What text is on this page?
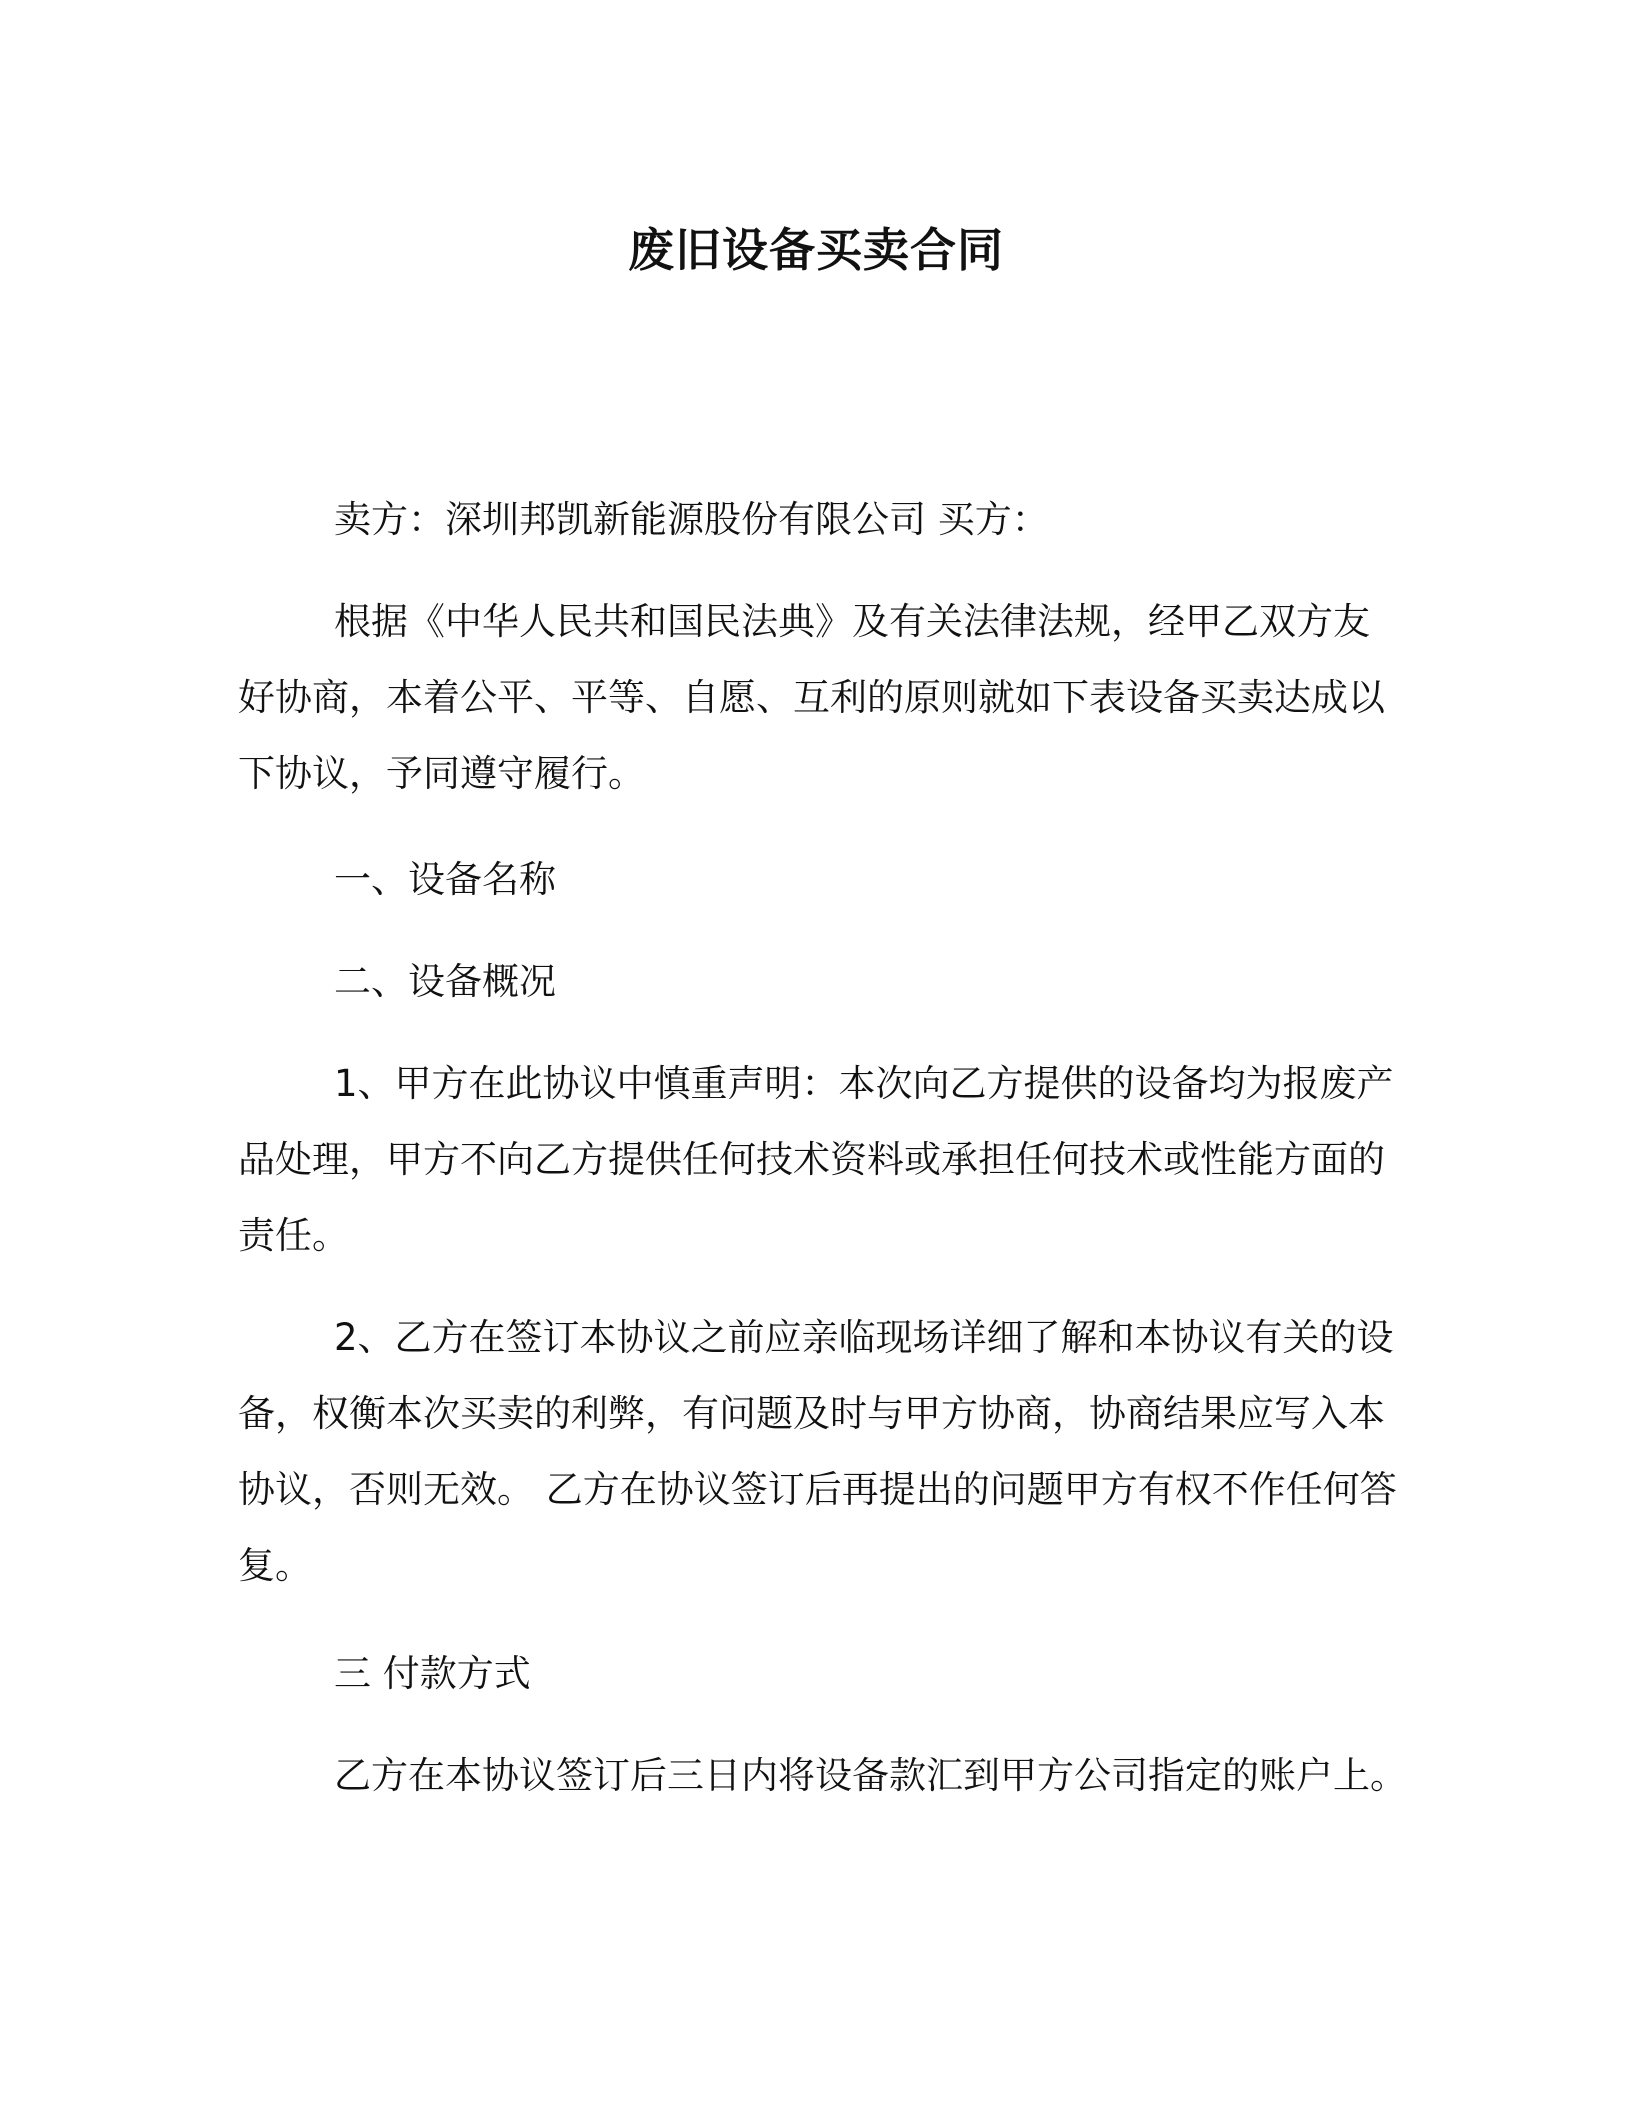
废旧设备买卖合同

卖方：深圳邦凯新能源股份有限公司 买方：

根据《中华人民共和国民法典》及有关法律法规，经甲乙双方友好协商，本着公平、平等、自愿、互利的原则就如下表设备买卖达成以下协议，予同遵守履行。

一、设备名称

二、设备概况

1、甲方在此协议中慎重声明：本次向乙方提供的设备均为报废产品处理，甲方不向乙方提供任何技术资料或承担任何技术或性能方面的责任。

2、乙方在签订本协议之前应亲临现场详细了解和本协议有关的设备，权衡本次买卖的利弊，有问题及时与甲方协商，协商结果应写入本协议，否则无效。 乙方在协议签订后再提出的问题甲方有权不作任何答复。

三 付款方式

乙方在本协议签订后三日内将设备款汇到甲方公司指定的账户上。
